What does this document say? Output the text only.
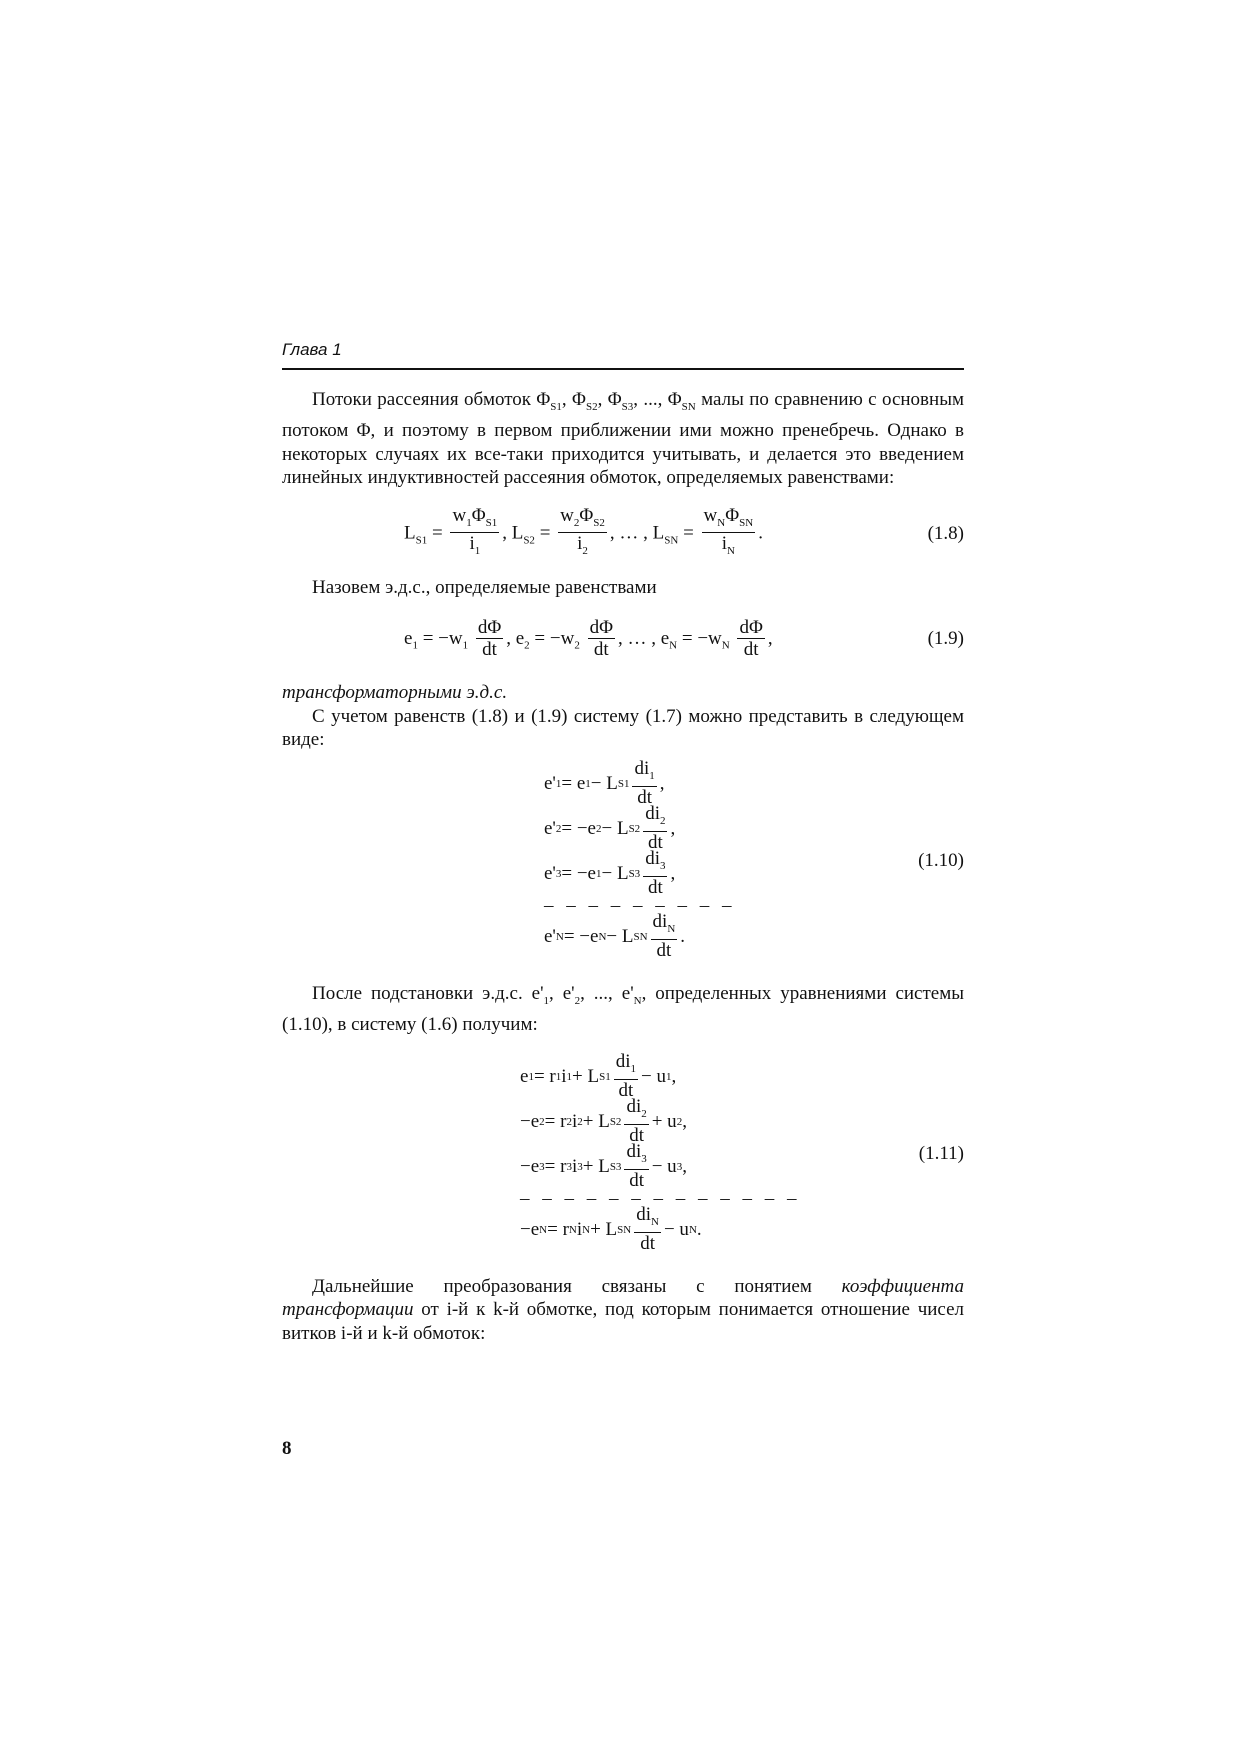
Глава 1

Потоки рассеяния обмоток $\Phi_{S1}$, $\Phi_{S2}$, $\Phi_{S3}$, ..., $\Phi_{SN}$ малы по сравнению с основным потоком Φ, и поэтому в первом приближении ими можно пренебречь. Однако в некоторых случаях их все-таки приходится учитывать, и делается это введением линейных индуктивностей рассеяния обмоток, определяемых равенствами:

$L_{S1} = \frac{w_1\Phi_{S1}}{i_1}$ , $L_{S2} = \frac{w_2\Phi_{S2}}{i_2}$ , … , $L_{SN} = \frac{w_N\Phi_{SN}}{i_N}$ .	(1.8)

Назовем э.д.с., определяемые равенствами

$e_1 = -w_1 \frac{d\Phi}{dt}$ , $e_2 = -w_2 \frac{d\Phi}{dt}$ , … , $e_N = -w_N \frac{d\Phi}{dt}$ ,	(1.9)

трансформаторными э.д.с.

С учетом равенств (1.8) и (1.9) систему (1.7) можно представить в следующем виде:

e' 1 = e 1 − L $S1 \frac{di_1}{dt}$ ,
e' 2 = −e 2 − L $S2 \frac{di_2}{dt}$ ,
e' 3 = −e 1 − L $S3 \frac{di_3}{dt}$ ,
– – – – – – – – –
e' N = −e N − L SN $\frac{di_N}{dt}$ .
(1.10)

После подстановки э.д.с. $e'_1$, $e'_2$, ..., $e'_N$, определенных уравнениями системы (1.10), в систему (1.6) получим:

e 1 = r 1 i 1 + L $S1 \frac{di_1}{dt} - u$ 1 ,
−e 2 = r 2 i 2 + L $S2 \frac{di_2}{dt} + u$ 2 ,
−e 3 = r 3 i 3 + L $S3 \frac{di_3}{dt} - u$ 3 ,
– – – – – – – – – – – – –
−e N = r N i N + L SN $\frac{di_N}{dt} - u$ N .
(1.11)

Дальнейшие преобразования связаны с понятием коэффициента трансформации от i-й к k-й обмотке, под которым понимается отношение чисел витков i-й и k-й обмоток:

8
